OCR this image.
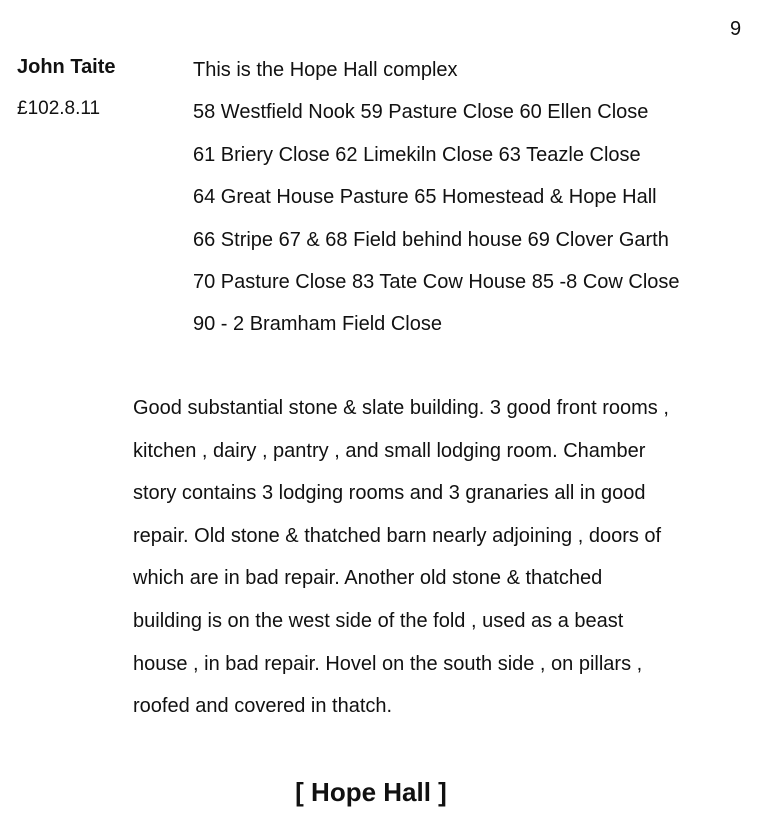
9
John Taite
£102.8.11
This is the Hope Hall complex
58 Westfield Nook 59 Pasture Close 60 Ellen Close
61 Briery Close 62 Limekiln Close 63 Teazle Close
64 Great House Pasture 65 Homestead & Hope Hall
66 Stripe 67 & 68 Field behind house 69 Clover Garth
70 Pasture Close 83 Tate Cow House 85 -8 Cow Close
90 - 2 Bramham Field Close
Good substantial stone & slate building. 3 good front rooms ,
kitchen , dairy , pantry , and small lodging room. Chamber
story contains 3 lodging rooms and 3 granaries all in good
repair. Old stone & thatched barn nearly adjoining , doors of
which are in bad repair. Another old stone & thatched
building is on the west side of the fold , used as a beast
house , in bad repair. Hovel on the south side , on pillars ,
roofed and covered in thatch.
[ Hope Hall ]
